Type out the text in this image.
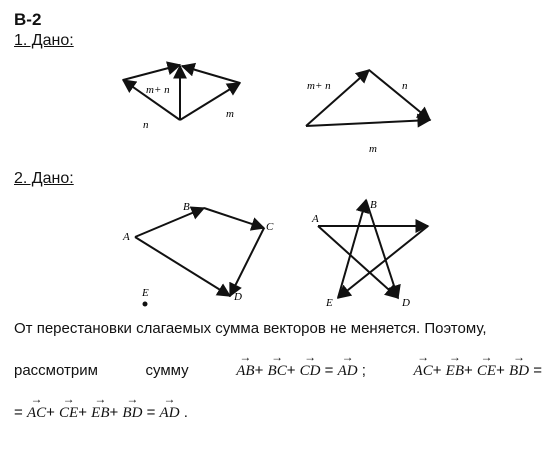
В-2
1. Дано:
2. Дано:
m+ n
n
m
m+ n	n
m
A
B
C
D
E
A
B
E	D
От перестановки слагаемых сумма векторов не меняется. Поэтому,
рассмотрим	сумму	→ AB+ → BC+ → CD = → AD ;	→ AC+ → EB+ → CE+ → BD =
= → AC+ → CE+ → EB+ → BD = → AD .
